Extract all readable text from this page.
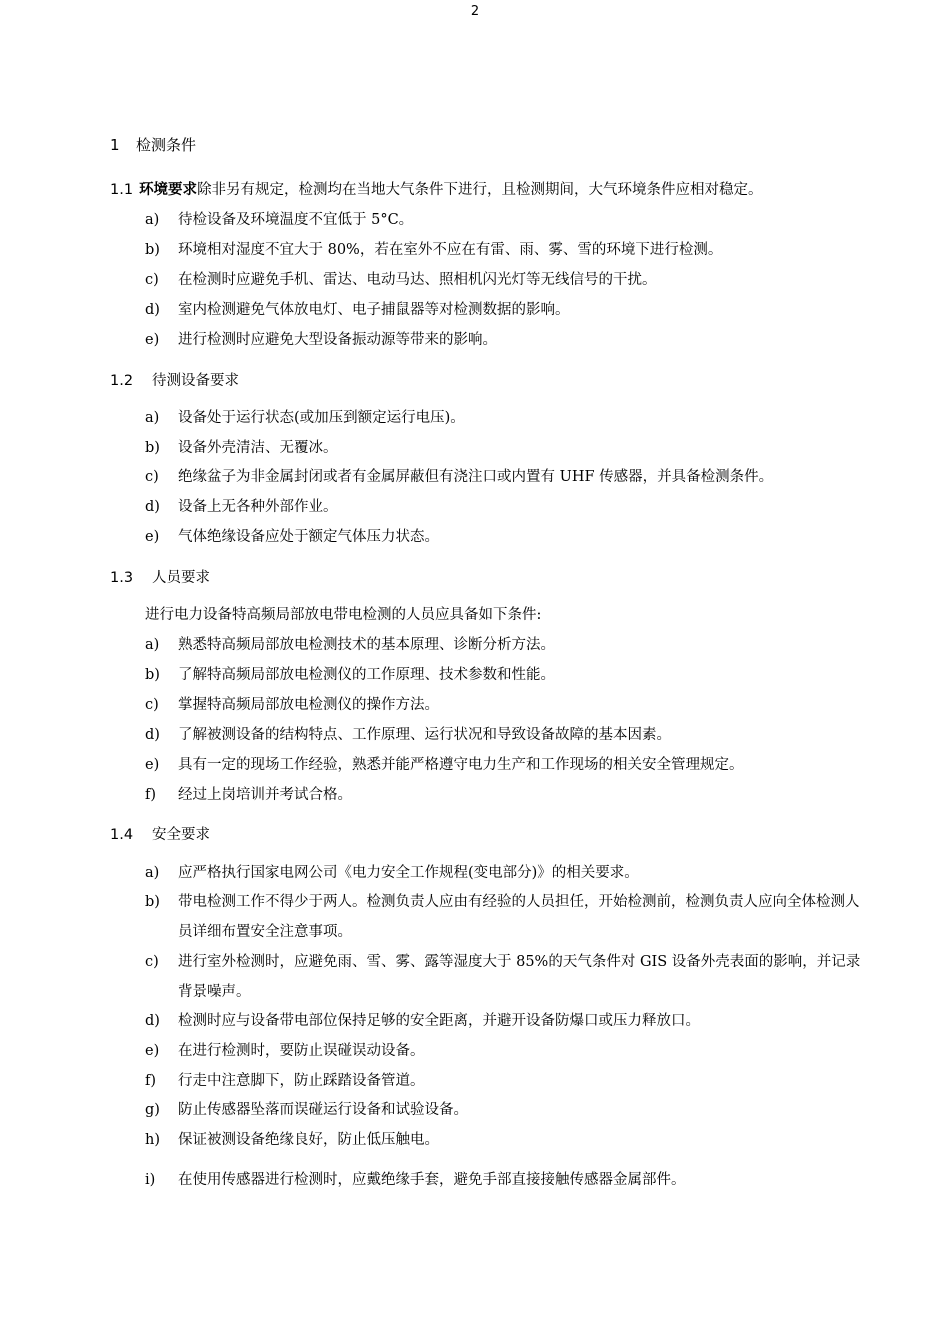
2
1 检测条件
1.1 环境要求除非另有规定，检测均在当地大气条件下进行，且检测期间，大气环境条件应相对稳定。
a) 待检设备及环境温度不宜低于 5°C。
b) 环境相对湿度不宜大于 80%，若在室外不应在有雷、雨、雾、雪的环境下进行检测。
c) 在检测时应避免手机、雷达、电动马达、照相机闪光灯等无线信号的干扰。
d) 室内检测避免气体放电灯、电子捕鼠器等对检测数据的影响。
e) 进行检测时应避免大型设备振动源等带来的影响。
1.2 待测设备要求
a) 设备处于运行状态(或加压到额定运行电压)。
b) 设备外壳清洁、无覆冰。
c) 绝缘盆子为非金属封闭或者有金属屏蔽但有浇注口或内置有 UHF 传感器，并具备检测条件。
d) 设备上无各种外部作业。
e) 气体绝缘设备应处于额定气体压力状态。
1.3 人员要求
进行电力设备特高频局部放电带电检测的人员应具备如下条件:
a) 熟悉特高频局部放电检测技术的基本原理、诊断分析方法。
b) 了解特高频局部放电检测仪的工作原理、技术参数和性能。
c) 掌握特高频局部放电检测仪的操作方法。
d) 了解被测设备的结构特点、工作原理、运行状况和导致设备故障的基本因素。
e) 具有一定的现场工作经验，熟悉并能严格遵守电力生产和工作现场的相关安全管理规定。
f) 经过上岗培训并考试合格。
1.4 安全要求
a) 应严格执行国家电网公司《电力安全工作规程(变电部分)》的相关要求。
b) 带电检测工作不得少于两人。检测负责人应由有经验的人员担任，开始检测前，检测负责人应向全体检测人员详细布置安全注意事项。
c) 进行室外检测时，应避免雨、雪、雾、露等湿度大于 85%的天气条件对 GIS 设备外壳表面的影响，并记录背景噪声。
d) 检测时应与设备带电部位保持足够的安全距离，并避开设备防爆口或压力释放口。
e) 在进行检测时，要防止误碰误动设备。
f) 行走中注意脚下，防止踩踏设备管道。
g) 防止传感器坠落而误碰运行设备和试验设备。
h) 保证被测设备绝缘良好，防止低压触电。
i) 在使用传感器进行检测时，应戴绝缘手套，避免手部直接接触传感器金属部件。
